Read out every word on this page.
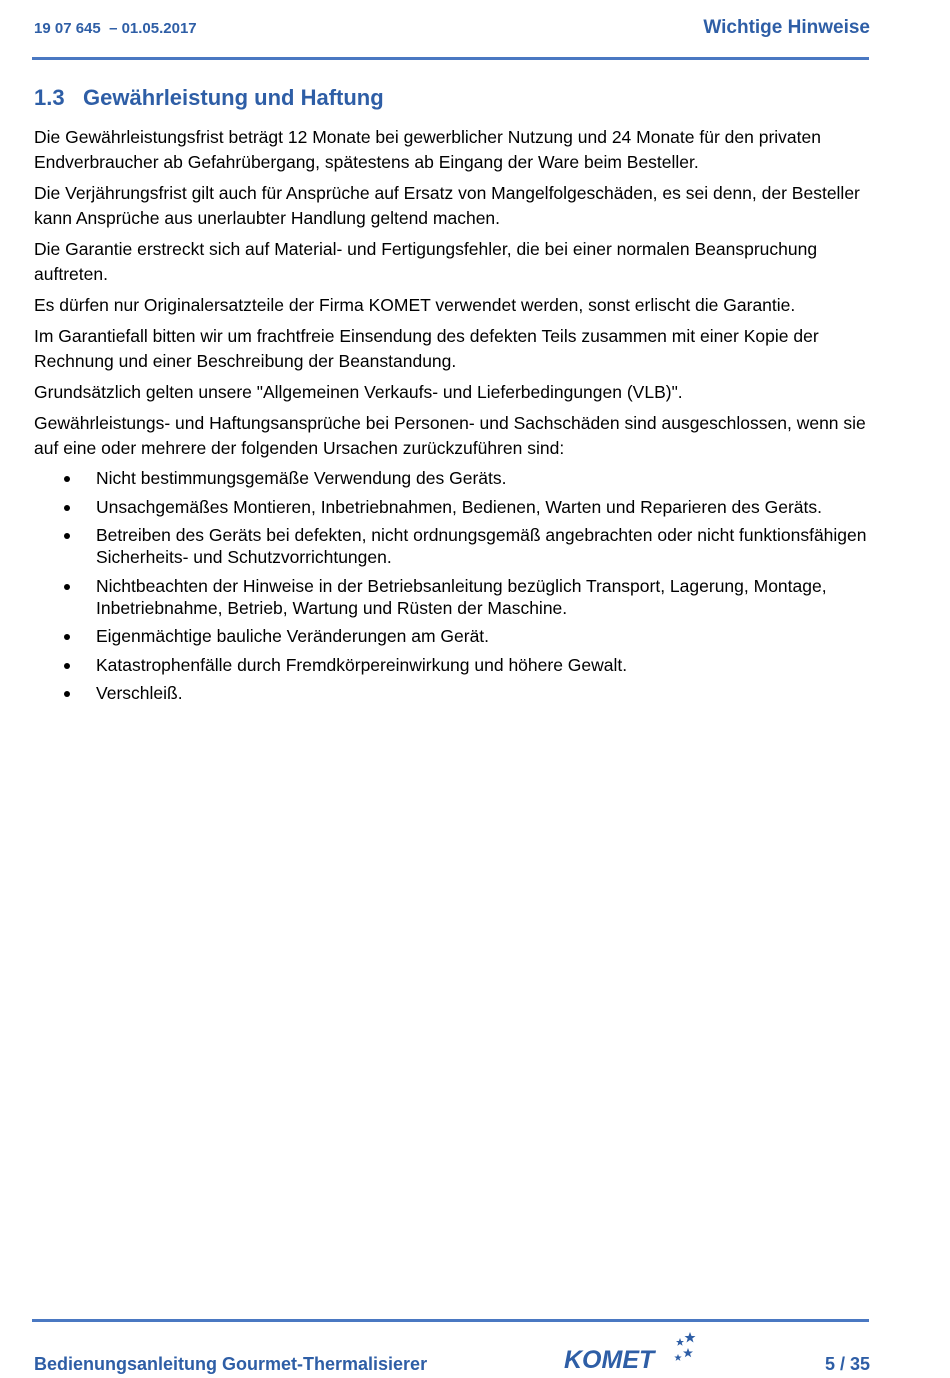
19 07 645  – 01.05.2017	Wichtige Hinweise
1.3 Gewährleistung und Haftung

Die Gewährleistungsfrist beträgt 12 Monate bei gewerblicher Nutzung und 24 Monate für den privaten Endverbraucher ab Gefahrübergang, spätestens ab Eingang der Ware beim Besteller.

Die Verjährungsfrist gilt auch für Ansprüche auf Ersatz von Mangelfolgeschäden, es sei denn, der Besteller kann Ansprüche aus unerlaubter Handlung geltend machen.

Die Garantie erstreckt sich auf Material- und Fertigungsfehler, die bei einer normalen Beanspruchung auftreten.

Es dürfen nur Originalersatzteile der Firma KOMET verwendet werden, sonst erlischt die Garantie.

Im Garantiefall bitten wir um frachtfreie Einsendung des defekten Teils zusammen mit einer Kopie der Rechnung und einer Beschreibung der Beanstandung.

Grundsätzlich gelten unsere "Allgemeinen Verkaufs- und Lieferbedingungen (VLB)".

Gewährleistungs- und Haftungsansprüche bei Personen- und Sachschäden sind ausgeschlossen, wenn sie auf eine oder mehrere der folgenden Ursachen zurückzuführen sind:

Nicht bestimmungsgemäße Verwendung des Geräts.
Unsachgemäßes Montieren, Inbetriebnahmen, Bedienen, Warten und Reparieren des Geräts.
Betreiben des Geräts bei defekten, nicht ordnungsgemäß angebrachten oder nicht funktionsfähigen Sicherheits- und Schutzvorrichtungen.
Nichtbeachten der Hinweise in der Betriebsanleitung bezüglich Transport, Lagerung, Montage, Inbetriebnahme, Betrieb, Wartung und Rüsten der Maschine.
Eigenmächtige bauliche Veränderungen am Gerät.
Katastrophenfälle durch Fremdkörpereinwirkung und höhere Gewalt.
Verschleiß.
Bedienungsanleitung Gourmet-Thermalisierer	KOMET	5 / 35
